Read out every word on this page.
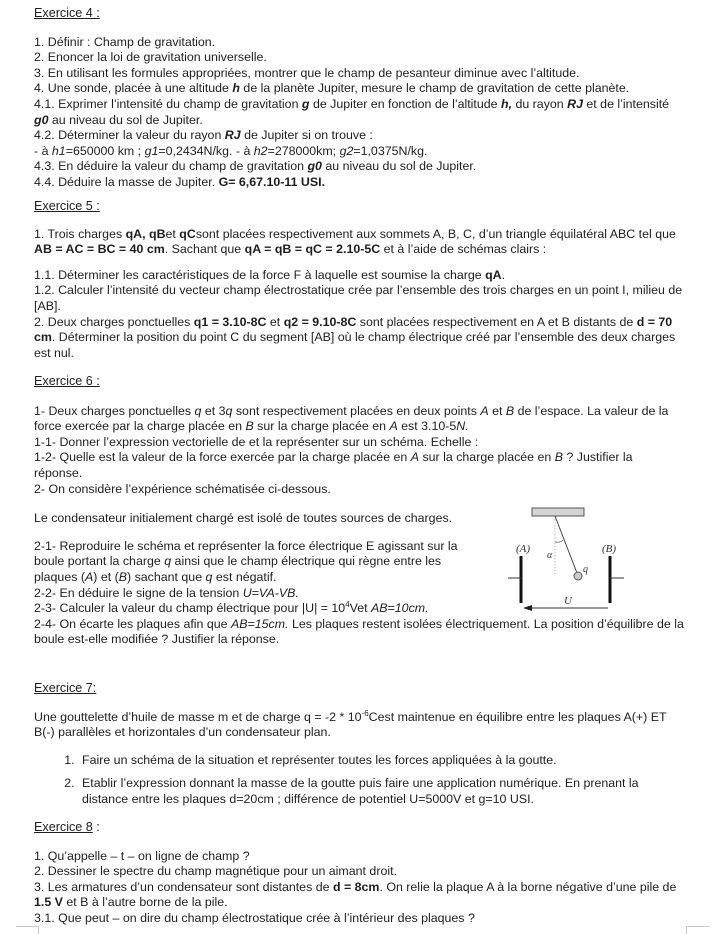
Exercice 4 :

1. Définir : Champ de gravitation.

2. Enoncer la loi de gravitation universelle.

3. En utilisant les formules appropriées, montrer que le champ de pesanteur diminue avec l’altitude.

4. Une sonde, placée à une altitude h de la planète Jupiter, mesure le champ de gravitation de cette planète.

4.1. Exprimer l’intensité du champ de gravitation g de Jupiter en fonction de l’altitude h, du rayon RJ et de l’intensité g0 au niveau du sol de Jupiter.

4.2. Déterminer la valeur du rayon RJ de Jupiter si on trouve :

- à h1=650000 km ; g1=0,2434N/kg. - à h2=278000km; g2=1,0375N/kg.

4.3. En déduire la valeur du champ de gravitation g0 au niveau du sol de Jupiter.

4.4. Déduire la masse de Jupiter. G= 6,67.10-11 USI.

Exercice 5 :

1. Trois charges qA, qBet qCsont placées respectivement aux sommets A, B, C, d’un triangle équilatéral ABC tel que AB = AC = BC = 40 cm. Sachant que qA = qB = qC = 2.10-5C et à l’aide de schémas clairs :

1.1. Déterminer les caractéristiques de la force F à laquelle est soumise la charge qA.

1.2. Calculer l’intensité du vecteur champ électrostatique crée par l’ensemble des trois charges en un point I, milieu de [AB].

2. Deux charges ponctuelles q1 = 3.10-8C et q2 = 9.10-8C sont placées respectivement en A et B distants de d = 70 cm. Déterminer la position du point C du segment [AB] où le champ électrique créé par l’ensemble des deux charges est nul.

Exercice 6 :

1- Deux charges ponctuelles q et 3q sont respectivement placées en deux points A et B de l’espace. La valeur de la force exercée par la charge placée en B sur la charge placée en A est 3.10-5N.

1-1- Donner l’expression vectorielle de et la représenter sur un schéma. Echelle :

1-2- Quelle est la valeur de la force exercée par la charge placée en A sur la charge placée en B ? Justifier la réponse.

2- On considère l’expérience schématisée ci-dessous.

Le condensateur initialement chargé est isolé de toutes sources de charges.

2-1- Reproduire le schéma et représenter la force électrique E agissant sur la boule portant la charge q ainsi que le champ électrique qui règne entre les plaques (A) et (B) sachant que q est négatif.

2-2- En déduire le signe de la tension U=VA-VB.

2-3- Calculer la valeur du champ électrique pour $|U| = 10^4Vet$ AB=10cm.

2-4- On écarte les plaques afin que AB=15cm. Les plaques restent isolées électriquement. La position d’équilibre de la boule est-elle modifiée ? Justifier la réponse.

(A)	(B)
α
q
U

Exercice 7:

Une gouttelette d’huile de masse m et de charge $q = -2 * 10^{-6}Cest$ maintenue en équilibre entre les plaques A(+) ET B(-) parallèles et horizontales d’un condensateur plan.

1. Faire un schéma de la situation et représenter toutes les forces appliquées à la goutte.
2. Etablir l’expression donnant la masse de la goutte puis faire une application numérique. En prenant la distance entre les plaques d=20cm ; différence de potentiel U=5000V et g=10 USI.

Exercice 8 :

1. Qu’appelle – t – on ligne de champ ?

2. Dessiner le spectre du champ magnétique pour un aimant droit.

3. Les armatures d’un condensateur sont distantes de d = 8cm. On relie la plaque A à la borne négative d’une pile de 1.5 V et B à l’autre borne de la pile.

3.1. Que peut – on dire du champ électrostatique crée à l’intérieur des plaques ?
